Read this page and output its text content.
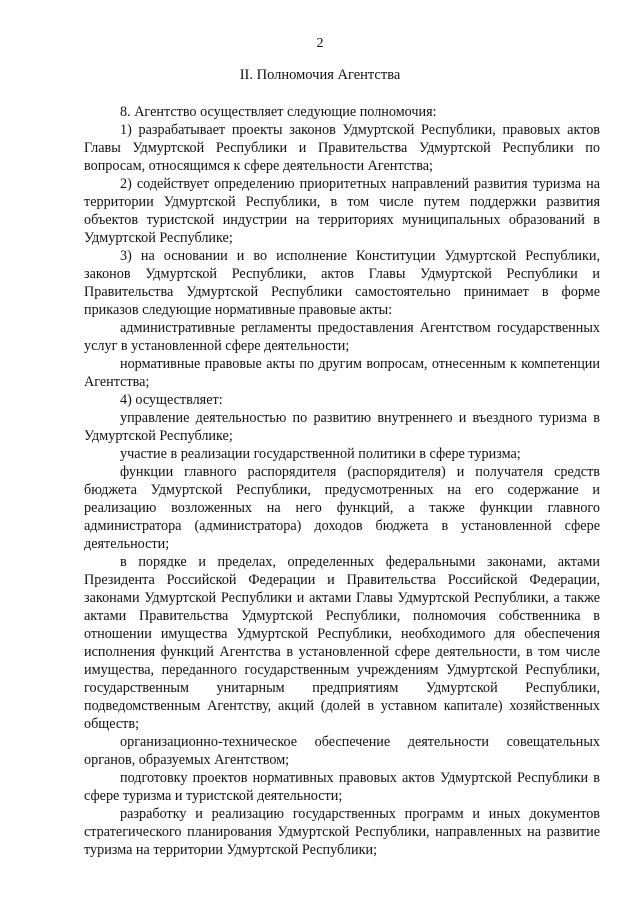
2
II. Полномочия Агентства

8. Агентство осуществляет следующие полномочия:

1) разрабатывает проекты законов Удмуртской Республики, правовых актов Главы Удмуртской Республики и Правительства Удмуртской Республики по вопросам, относящимся к сфере деятельности Агентства;

2) содействует определению приоритетных направлений развития туризма на территории Удмуртской Республики, в том числе путем поддержки развития объектов туристской индустрии на территориях муниципальных образований в Удмуртской Республике;

3) на основании и во исполнение Конституции Удмуртской Республики, законов Удмуртской Республики, актов Главы Удмуртской Республики и Правительства Удмуртской Республики самостоятельно принимает в форме приказов следующие нормативные правовые акты:

административные регламенты предоставления Агентством государственных услуг в установленной сфере деятельности;

нормативные правовые акты по другим вопросам, отнесенным к компетенции Агентства;

4) осуществляет:

управление деятельностью по развитию внутреннего и въездного туризма в Удмуртской Республике;

участие в реализации государственной политики в сфере туризма;

функции главного распорядителя (распорядителя) и получателя средств бюджета Удмуртской Республики, предусмотренных на его содержание и реализацию возложенных на него функций, а также функции главного администратора (администратора) доходов бюджета в установленной сфере деятельности;

в порядке и пределах, определенных федеральными законами, актами Президента Российской Федерации и Правительства Российской Федерации, законами Удмуртской Республики и актами Главы Удмуртской Республики, а также актами Правительства Удмуртской Республики, полномочия собственника в отношении имущества Удмуртской Республики, необходимого для обеспечения исполнения функций Агентства в установленной сфере деятельности, в том числе имущества, переданного государственным учреждениям Удмуртской Республики, государственным унитарным предприятиям Удмуртской Республики, подведомственным Агентству, акций (долей в уставном капитале) хозяйственных обществ;

организационно-техническое обеспечение деятельности совещательных органов, образуемых Агентством;

подготовку проектов нормативных правовых актов Удмуртской Республики в сфере туризма и туристской деятельности;

разработку и реализацию государственных программ и иных документов стратегического планирования Удмуртской Республики, направленных на развитие туризма на территории Удмуртской Республики;
